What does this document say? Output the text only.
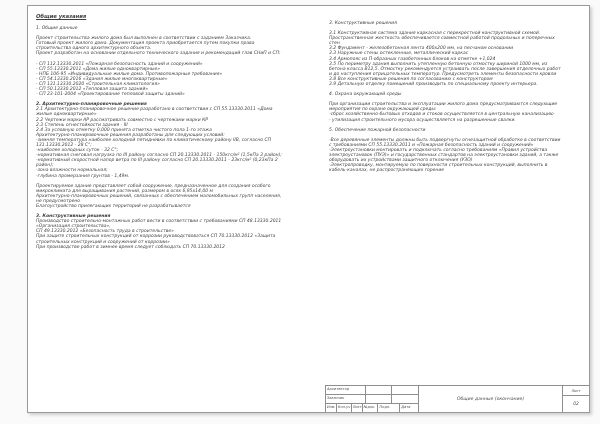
Общие указания
1. Общие данные
Проект строительства жилого дома был выполнен в соответствии с заданием Заказчика.
Готовый проект жилого дома. Документация проекта приобретается путем покупки права строительства одного архитектурного объекта.
Проект разработан на основании отдельного технического задания и рекомендаций глав СНиП и СП:
- СП 112.13330.2011 «Пожарная безопасность зданий и сооружений»
- СП 55.13330.2011 «Дома жилые одноквартирные»
- НПБ 106-95 «Индивидуальные жилые дома. Противопожарные требования»
- СП 54.13330.2016 «Здания жилые многоквартирные»
- СП 131.13330.2020 «Строительная климатология»
- СП 50.13330.2012 «Тепловая защита зданий»
- СП 23-101-2004 «Проектирование тепловой защиты зданий»
2. Архитектурно-планировочные решения
2.1 Архитектурно-планировочное решение разработано в соответствии с СП 55.13330.2011 «Дома жилые одноквартирные»
2.2 Чертежи марки АР рассматривать совместно с чертежами марки КР
2.3 Степень огнестойкости здания - III
2.4 За условную отметку 0,000 принята отметка чистого пола 1-го этажа
Архитектурно-планировочные решения разработаны для следующих условий:
-зимняя температура наиболее холодной пятидневки по климатическому району IIВ, согласно СП 131.13330.2012 - 28 С°;
-наиболее холодных суток - 32 С°;
-нормативная снеговая нагрузка по III району согласно СП 20.13330.2011 - 150кгс/м² (1,5кПа 3 район);
-нормативный скоростной напор ветра по III району согласно СП 20.13330.2011 - 23кгс/м² (0,23кПа 2 район);
-зона влажности нормальная;
-глубина промерзания грунтов - 1,49м.
Проектируемое здание представляет собой сооружение, предназначенное для создания особого микроклимата для выращивания растений, размером в осях 6,95х14,00 м
Архитектурно-планировочных решений, связанных с обеспечением маломобильных групп населения, не предусмотрено
Благоустройство прилегающих территорий не разрабатывается
3. Конструктивные решения
Производство строительно-монтажных работ вести в соответствии с требованиями СП 48.13330.2011 «Организация строительства»,
СП 49.13330.2012 «Безопасность труда в строительстве»
При защите строительных конструкций от коррозии руководствоваться СП 70.13330.2012 «Защита строительных конструкций и сооружений от коррозии»
При производстве работ в зимнее время следует соблюдать СП 70.13330.2012
3. Конструктивные решения
3.1 Конструктивная система здания каркасная с перекрестной конструктивной схемой.
Пространственная жесткость обеспечивается совместной работой продольных и поперечных стен
3.2 Фундамент - железобетонная лента 400х200 мм, на песчаном основании
3.3 Наружные стены остекленные, металлический каркас
3.4 Армопояс из П-образных газобетонных блоков на отметке +1,024
3.5 По периметру здания выполнить утепленную бетонную отмостку шириной 1000 мм, из бетона класса В12,5. Отмостку рекомендуется устраивать после завершения отделочных работ и до наступления отрицательных температур. Предусмотреть элементы безопасности кровли
3.8 Все конструктивные решения по согласованию с конструктором
3.9 Детальную отделку помещений производить по специальному проекту интерьера.
4. Охрана окружающей среды
При организации строительства и эксплуатации жилого дома предусматриваются следующие мероприятия по охране окружающей среды:
-сброс хозяйственно-бытовых отходов и стоков осуществляется в центральную канализацию
- утилизация строительного мусора осуществляется на разрешенные свалки.
5. Обеспечение пожарной безопасности
-Все деревянные элементы должны быть подвергнуты огнезащитной обработке в соответствии с требованиями СП 55.13330.2011 и «Пожарная безопасность зданий и сооружений»
-Электроустановки монтировать и подключать согласно требованиям «Правил устройства электроустановок (ПУЭ)» и государственных стандартов на электроустановки зданий, а также оборудовать их устройствами защитного отключения (УЗО)
-Электропроводку, монтируемую по поверхности строительных конструкций, выполнить в кабель-каналах, не распространяющих горение
Архитектор
Заказчик
Изм. Кол.уч Лист №док.	Подп.	Дата
Общие данные (окончание)
Лист
02
